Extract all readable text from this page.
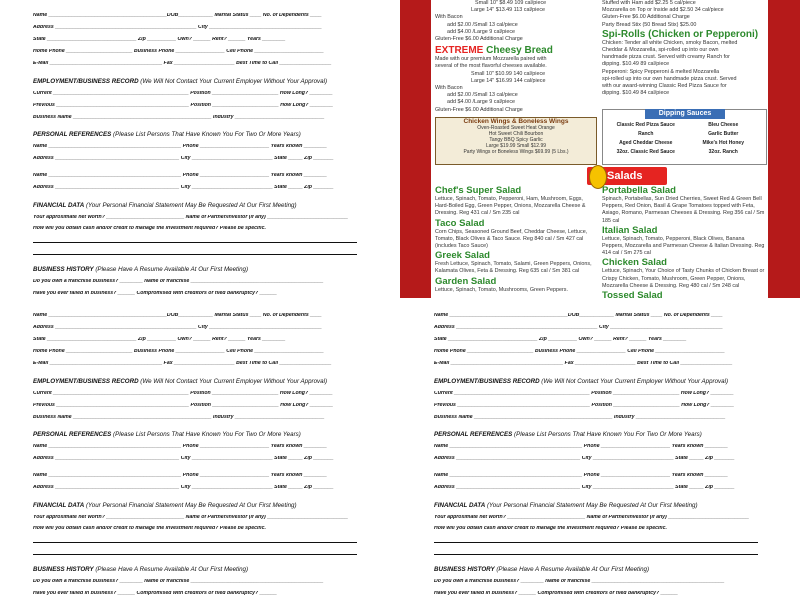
Name _________________________________________DOB____________ Marital Status ____ No. of Dependents ____
Address _________________________________________________ City _______________________________________
State _______________________________ Zip __________ Own? ______ Rent? ______ Years ________
Home Phone _______________________ Business Phone _________________ Cell Phone ________________________
E-Mail _______________________________________ Fax _____________________ Best Time to Call __________________
EMPLOYMENT/BUSINESS RECORD (We Will Not Contact Your Current Employer Without Your Approval)
Current _______________________________________________ Position _______________________ How Long? ________
Previous ______________________________________________ Position _______________________ How Long? ________
Business Name ________________________________________________ Industry _______________________________
PERSONAL REFERENCES (Please List Persons That Have Known You For Two Or More Years)
Name ______________________________________________ Phone ________________________ Years known ________
Address ___________________________________________ City ____________________________ State _____ Zip _______
Name ______________________________________________ Phone ________________________ Years known ________
Address ___________________________________________ City ____________________________ State _____ Zip _______
FINANCIAL DATA (Your Personal Financial Statement May Be Requested At Our First Meeting)
Your approximate net worth? ___________________________ Name of Partner/Investor (if any) ____________________________
How will you obtain cash and/or credit to manage the investment required? Please be specific.
BUSINESS HISTORY (Please Have A Resume Available At Our First Meeting)
Do you own a franchise business? ________ Name of franchise ______________________________________________
Have you ever failed in business? ______ Compromised with creditors or filed bankruptcy? ______
Name _________________________________________DOB____________ Marital Status ____ No. of Dependents ____
Address _________________________________________________ City _______________________________________
State _______________________________ Zip __________ Own? ______ Rent? ______ Years ________
Home Phone _______________________ Business Phone _________________ Cell Phone ________________________
E-Mail _______________________________________ Fax _____________________ Best Time to Call __________________
EMPLOYMENT/BUSINESS RECORD (We Will Not Contact Your Current Employer Without Your Approval)
Current _______________________________________________ Position _______________________ How Long? ________
Previous ______________________________________________ Position _______________________ How Long? ________
Business Name ________________________________________________ Industry _______________________________
PERSONAL REFERENCES (Please List Persons That Have Known You For Two Or More Years)
Name ______________________________________________ Phone ________________________ Years known ________
Address ___________________________________________ City ____________________________ State _____ Zip _______
Name ______________________________________________ Phone ________________________ Years known ________
Address ___________________________________________ City ____________________________ State _____ Zip _______
FINANCIAL DATA (Your Personal Financial Statement May Be Requested At Our First Meeting)
Your approximate net worth? ___________________________ Name of Partner/Investor (if any) ____________________________
How will you obtain cash and/or credit to manage the investment required? Please be specific.
BUSINESS HISTORY (Please Have A Resume Available At Our First Meeting)
Do you own a franchise business? ________ Name of franchise ______________________________________________
Have you ever failed in business? ______ Compromised with creditors or filed bankruptcy? ______
Name _________________________________________DOB____________ Marital Status ____ No. of Dependents ____
Address _________________________________________________ City _______________________________________
State _______________________________ Zip __________ Own? ______ Rent? ______ Years ________
Home Phone _______________________ Business Phone _________________ Cell Phone ________________________
E-Mail _______________________________________ Fax _____________________ Best Time to Call __________________
EMPLOYMENT/BUSINESS RECORD (We Will Not Contact Your Current Employer Without Your Approval)
Current _______________________________________________ Position _______________________ How Long? ________
Previous ______________________________________________ Position _______________________ How Long? ________
Business Name ________________________________________________ Industry _______________________________
PERSONAL REFERENCES (Please List Persons That Have Known You For Two Or More Years)
Name ______________________________________________ Phone ________________________ Years known ________
Address ___________________________________________ City ____________________________ State _____ Zip _______
Name ______________________________________________ Phone ________________________ Years known ________
Address ___________________________________________ City ____________________________ State _____ Zip _______
FINANCIAL DATA (Your Personal Financial Statement May Be Requested At Our First Meeting)
Your approximate net worth? ___________________________ Name of Partner/Investor (if any) ____________________________
How will you obtain cash and/or credit to manage the investment required? Please be specific.
BUSINESS HISTORY (Please Have A Resume Available At Our First Meeting)
Do you own a franchise business? ________ Name of franchise ______________________________________________
Have you ever failed in business? ______ Compromised with creditors or filed bankruptcy? ______
Small 10" $8.49 109 cal/piece
Large 14" $13.49 113 cal/piece
With Bacon
add $2.00 /Small 13 cal/piece
add $4.00 /Large 9 cal/piece
Gluten-Free $6.00 Additional Charge
EXTREME Cheesy Bread
Made with our premium Mozzarella paired with
several of the most flavorful cheeses available.
Small 10" $10.99 140 cal/piece
Large 14" $16.99 144 cal/piece
With Bacon
add $2.00 /Small 13 cal/piece
add $4.00 /Large 9 cal/piece
Gluten-Free $6.00 Additional Charge
Stuffed with Ham add $2.25 5 cal/piece
Mozzarella on Top or Inside add $2.50 34 cal/piece
Gluten-Free $6.00 Additional Charge
Party Bread Stix (50 Bread Stix) $25.00
Spi-Rolls (Chicken or Pepperoni)
Chicken: Tender all white Chicken, smoky Bacon, melted
Cheddar & Mozzarella, spi-rolled up into our own
handmade pizza crust. Served with creamy Ranch for
dipping. $10.49 89 cal/piece
Pepperoni: Spicy Pepperoni & melted Mozzarella
spi-rolled up into our own handmade pizza crust. Served
with our award-winning Classic Red Pizza Sauce for
dipping. $10.49 84 cal/piece
Chicken Wings & Boneless Wings
Oven-Roasted Sweet Heat Orange
Hot Sweet Chili Bourbon
Tangy BBQ Spicy Garlic
Large $19.99 Small $12.99
Party Wings or Boneless Wings $69.99 (5 Lbs.)
Dipping Sauces
Classic Red Pizza Sauce	Bleu Cheese
Ranch	Garlic Butter
Aged Cheddar Cheese	Mike's Hot Honey
32oz. Classic Red Sauce	32oz. Ranch
Salads
Chef's Super Salad
Lettuce, Spinach, Tomato, Pepperoni, Ham, Mushroom, Eggs, Hard-Boiled Egg, Green Pepper, Onions, Mozzarella Cheese & Dressing. Reg 431 cal / Sm 235 cal
Taco Salad
Corn Chips, Seasoned Ground Beef, Cheddar Cheese, Lettuce, Tomato, Black Olives & Taco Sauce. Reg 840 cal / Sm 427 cal (includes Taco Sauce)
Greek Salad
Fresh Lettuce, Spinach, Tomato, Salami, Green Peppers, Onions, Kalamata Olives, Feta & Dressing. Reg 635 cal / Sm 381 cal
Garden Salad
Lettuce, Spinach, Tomato, Mushrooms, Green Peppers.
Portabella Salad
Spinach, Portabellas, Sun Dried Cherries, Sweet Red & Green Bell Peppers, Red Onion, Basil & Grape Tomatoes topped with Feta, Asiago, Romano, Parmesan Cheeses & Dressing. Reg 356 cal / Sm 185 cal
Italian Salad
Lettuce, Spinach, Tomato, Pepperoni, Black Olives, Banana Peppers, Mozzarella and Parmesan Cheese & Italian Dressing. Reg 414 cal / Sm 275 cal
Chicken Salad
Lettuce, Spinach, Your Choice of Tasty Chunks of Chicken Breast or Crispy Chicken, Tomato, Mushroom, Green Pepper, Onions, Mozzarella Cheese & Dressing. Reg 480 cal / Sm 248 cal
Tossed Salad
